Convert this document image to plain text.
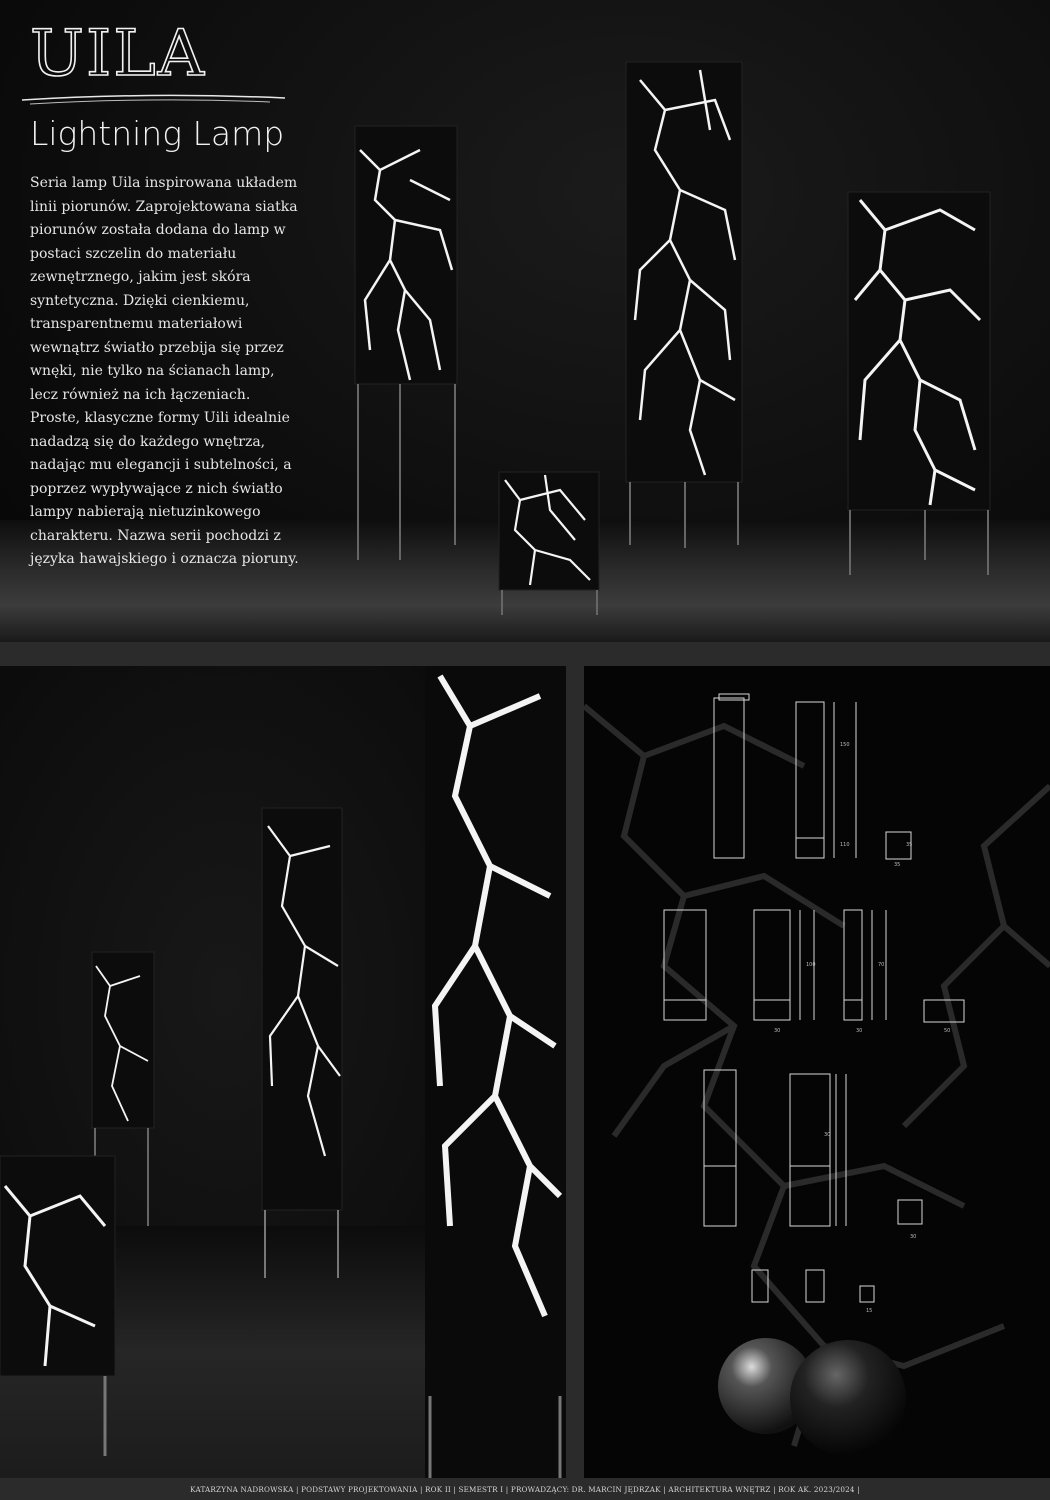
UILA
Lightning Lamp

Seria lamp Uila inspirowana układem linii piorunów. Zaprojektowana siatka piorunów została dodana do lamp w postaci szczelin do materiału zewnętrznego, jakim jest skóra syntetyczna. Dzięki cienkiemu, transparentnemu materiałowi wewnątrz światło przebija się przez wnęki, nie tylko na ścianach lamp, lecz również na ich łączeniach. Proste, klasyczne formy Uili idealnie nadadzą się do każdego wnętrza, nadając mu elegancji i subtelności, a poprzez wypływające z nich światło lampy nabierają nietuzinkowego charakteru. Nazwa serii pochodzi z języka hawajskiego i oznacza pioruny.

150
110
35
35
100	70
30	30	50
30
30
15
KATARZYNA NADROWSKA | PODSTAWY PROJEKTOWANIA | ROK II | SEMESTR I | PROWADZĄCY: DR. MARCIN JĘDRZAK | ARCHITEKTURA WNĘTRZ | ROK AK. 2023/2024 |
